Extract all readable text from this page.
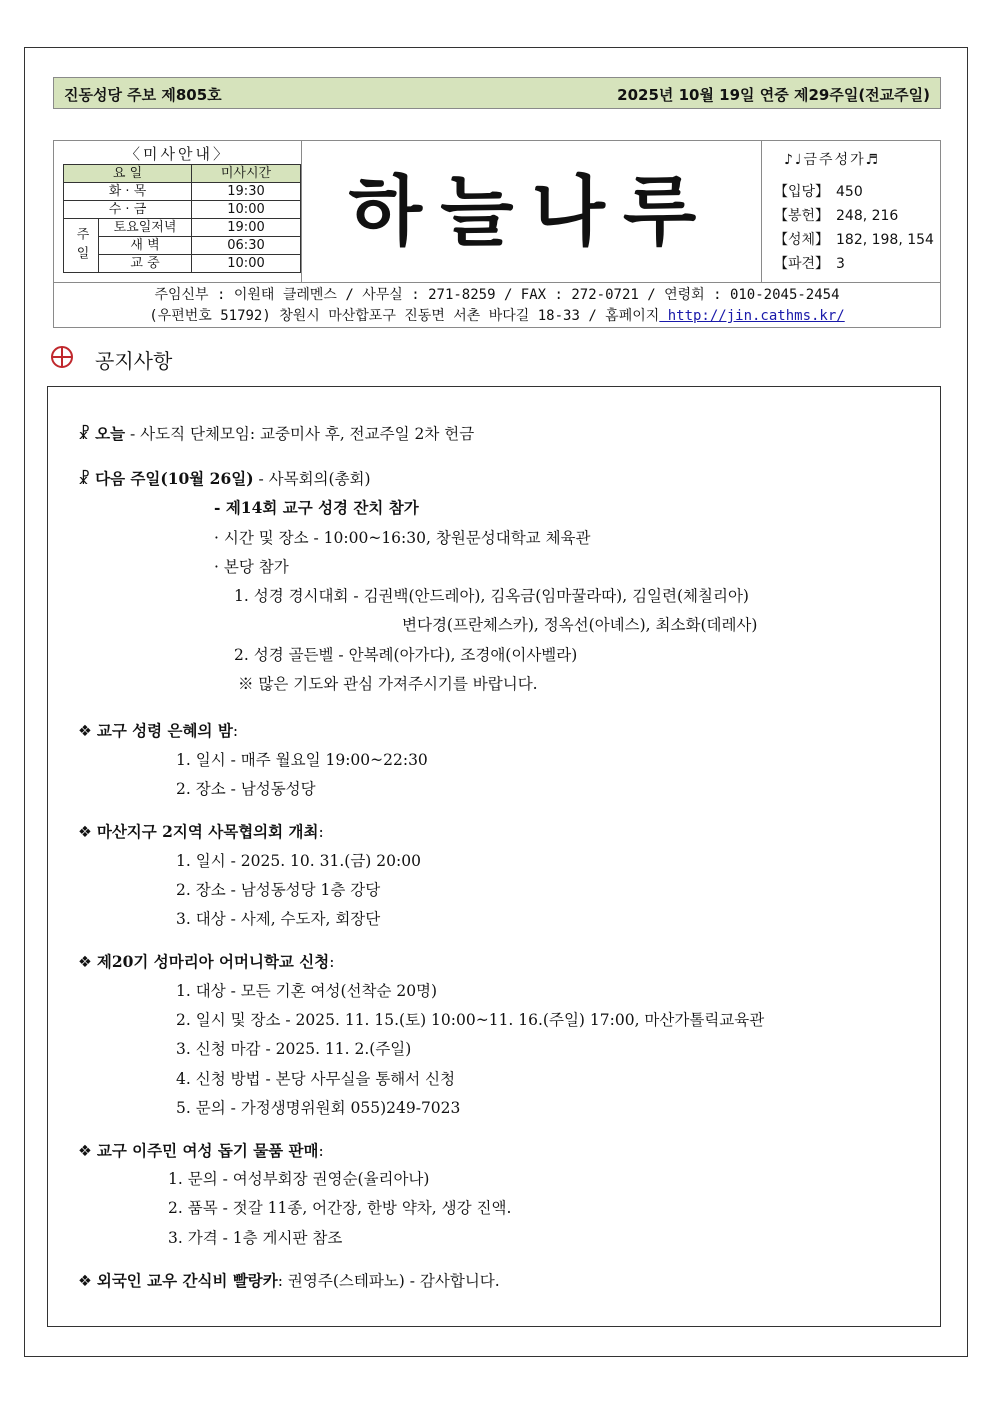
진동성당 주보 제805호	2025년 10월 19일 연중 제29주일(전교주일)
〈미사안내〉
요 일		미사시간
화 · 목		19:30
수 · 금		10:00
주일	토요일저녁	19:00
	새 벽	06:30
	교 중	10:00
하늘나루
♪♩금주성가♬
【입당】 450
【봉헌】 248, 216
【성체】 182, 198, 154
【파견】 3
주임신부 : 이원태 클레멘스 / 사무실 : 271-8259 / FAX : 272-0721 / 연령회 : 010-2045-2454
(우편번호 51792) 창원시 마산합포구 진동면 서촌 바다길 18-33 / 홈페이지 http://jin.cathms.kr/
공지사항
☧ 오늘 - 사도직 단체모임: 교중미사 후, 전교주일 2차 헌금
☧ 다음 주일(10월 26일) - 사목회의(총회)
- 제14회 교구 성경 잔치 참가
· 시간 및 장소 - 10:00~16:30, 창원문성대학교 체육관
· 본당 참가
1. 성경 경시대회 - 김권백(안드레아), 김옥금(임마꿀라따), 김일련(체칠리아)
변다경(프란체스카), 정옥선(아녜스), 최소화(데레사)
2. 성경 골든벨 - 안복례(아가다), 조경애(이사벨라)
※ 많은 기도와 관심 가져주시기를 바랍니다.
❖ 교구 성령 은혜의 밤:
1. 일시 - 매주 월요일 19:00~22:30
2. 장소 - 남성동성당
❖ 마산지구 2지역 사목협의회 개최:
1. 일시 - 2025. 10. 31.(금) 20:00
2. 장소 - 남성동성당 1층 강당
3. 대상 - 사제, 수도자, 회장단
❖ 제20기 성마리아 어머니학교 신청:
1. 대상 - 모든 기혼 여성(선착순 20명)
2. 일시 및 장소 - 2025. 11. 15.(토) 10:00~11. 16.(주일) 17:00, 마산가톨릭교육관
3. 신청 마감 - 2025. 11. 2.(주일)
4. 신청 방법 - 본당 사무실을 통해서 신청
5. 문의 - 가정생명위원회 055)249-7023
❖ 교구 이주민 여성 돕기 물품 판매:
1. 문의 - 여성부회장 권영순(율리아나)
2. 품목 - 젓갈 11종, 어간장, 한방 약차, 생강 진액.
3. 가격 - 1층 게시판 참조
❖ 외국인 교우 간식비 빨랑카: 권영주(스테파노) - 감사합니다.
